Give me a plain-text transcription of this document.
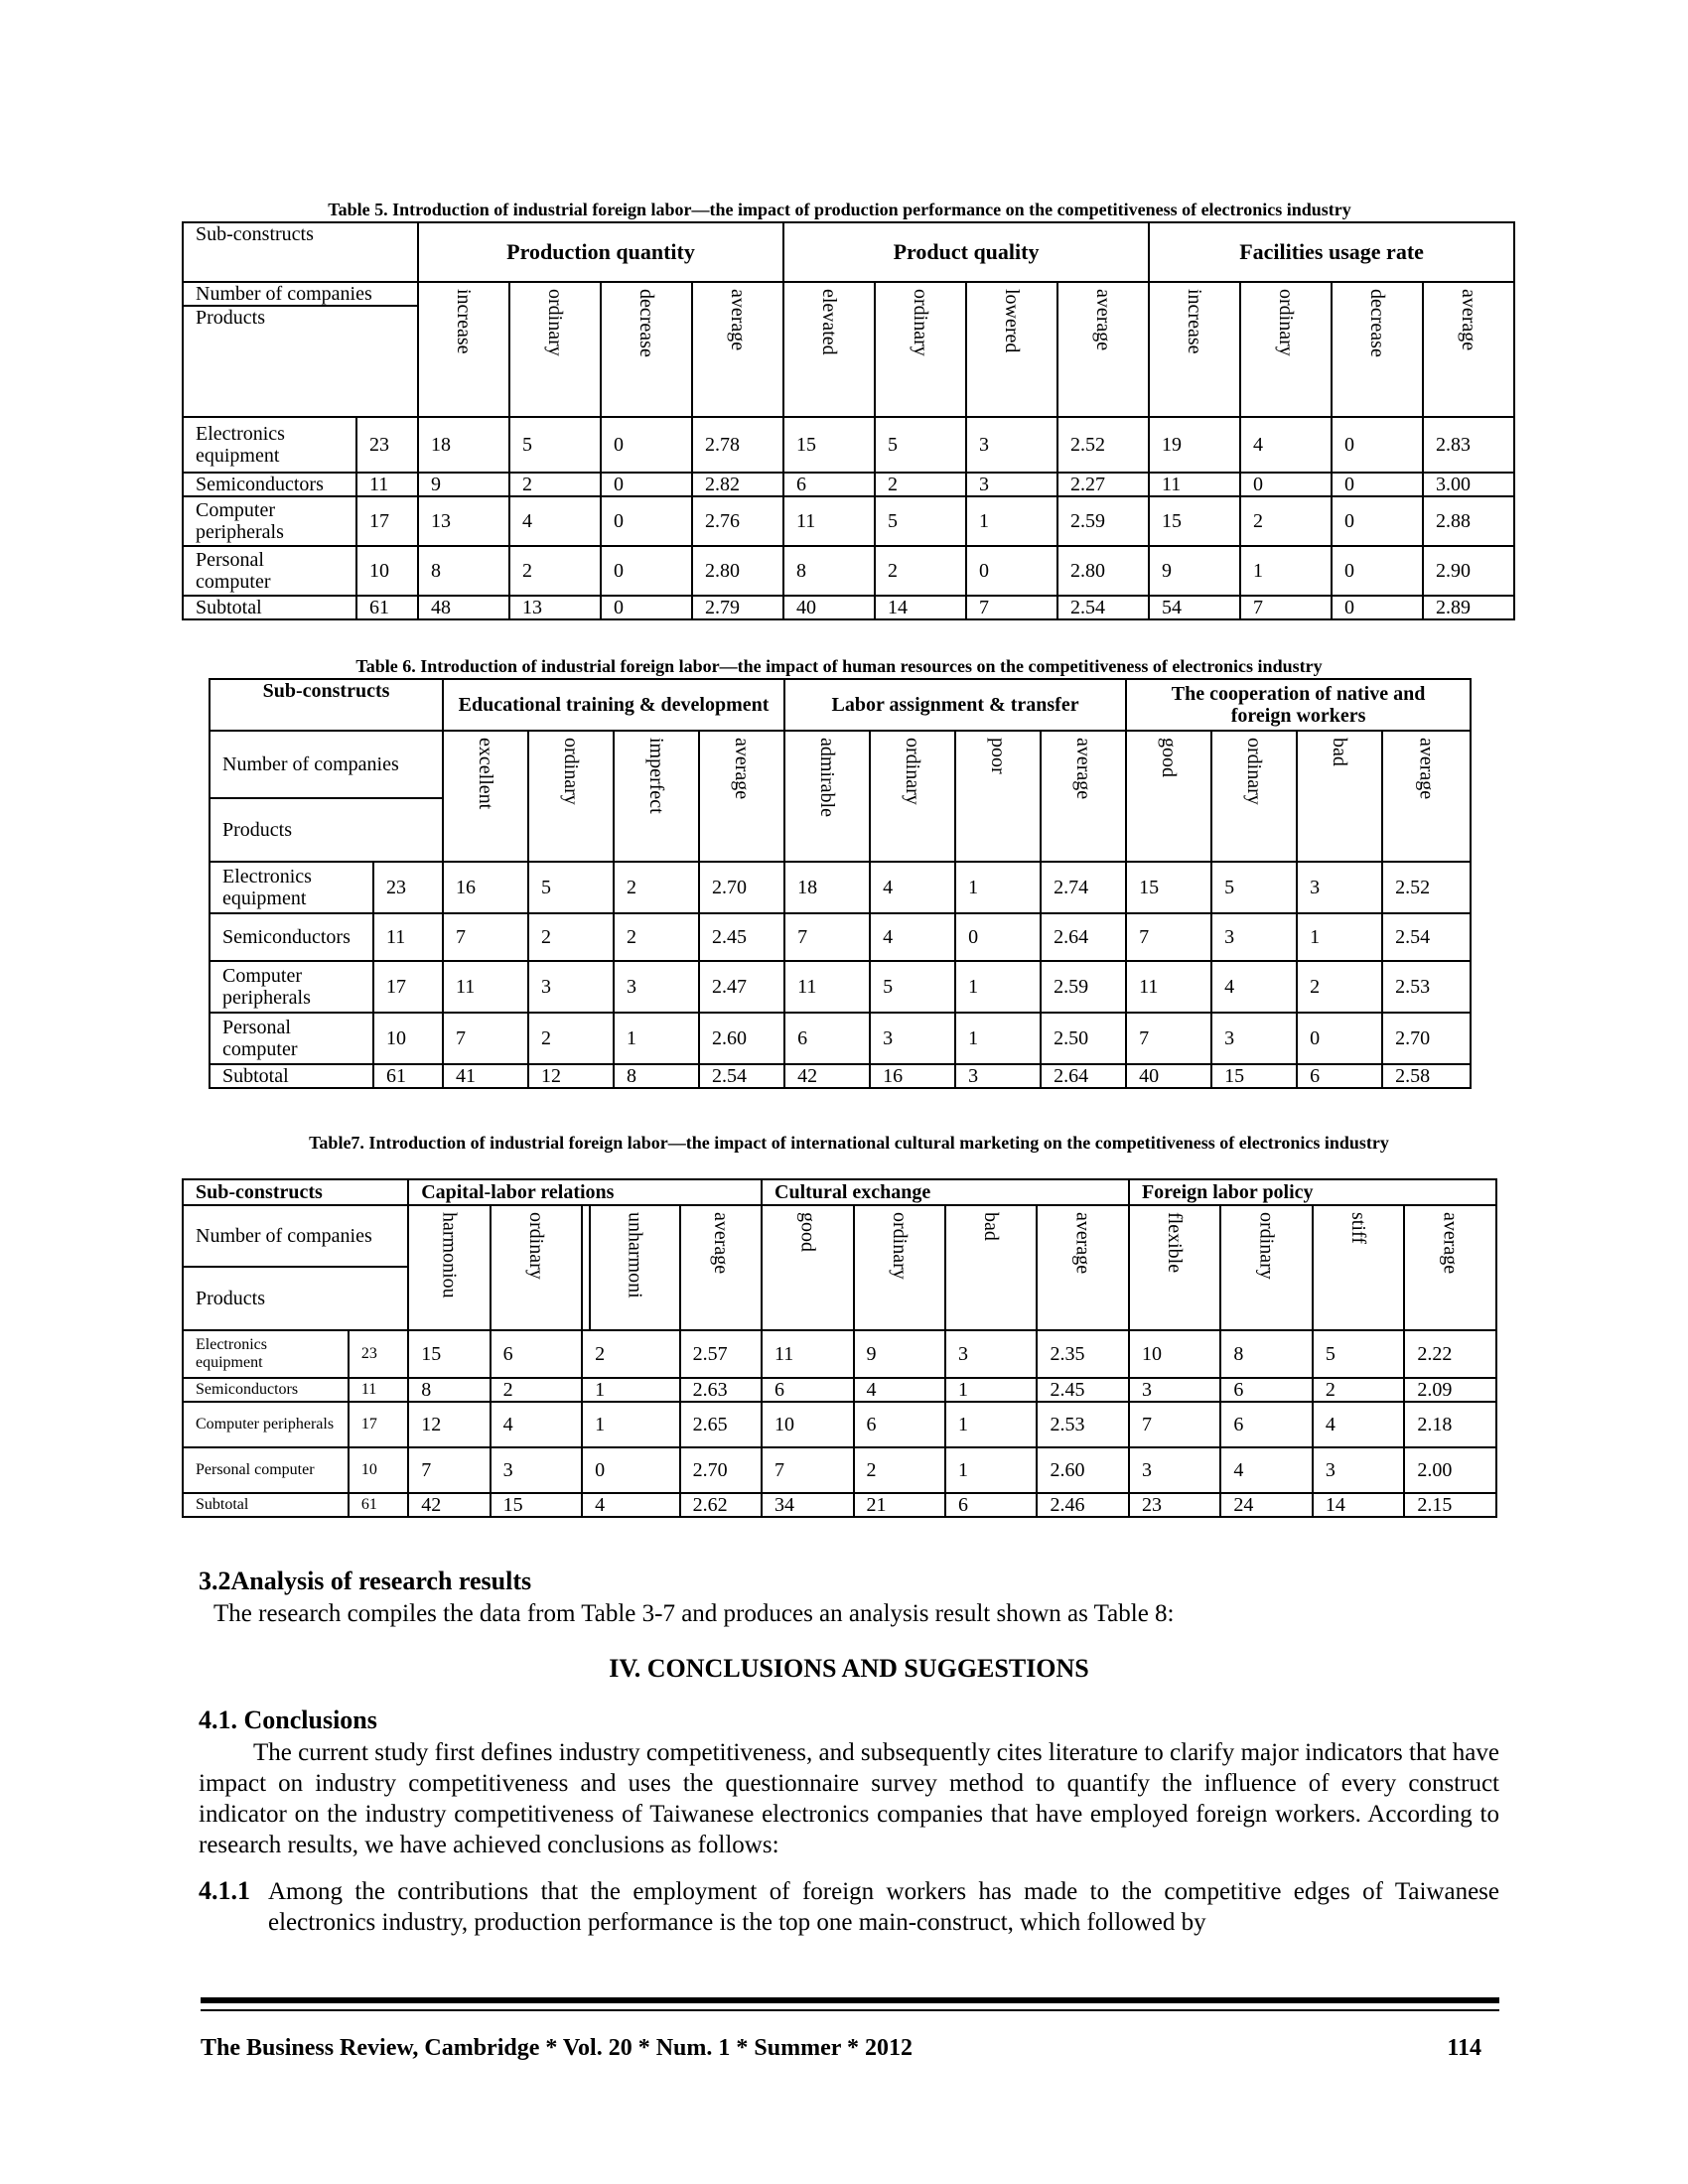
Table 5. Introduction of industrial foreign labor—the impact of production performance on the competitiveness of electronics industry
Sub-constructs		Production quantity				Product quality				Facilities usage rate			
Number of companies		increase	ordinary	decrease	average	elevated	ordinary	lowered	average	increase	ordinary	decrease	average

Products													
Electronics equipment	23	18	5	0	2.78	15	5	3	2.52	19	4	0	2.83
Semiconductors	11	9	2	0	2.82	6	2	3	2.27	11	0	0	3.00
Computer peripherals	17	13	4	0	2.76	11	5	1	2.59	15	2	0	2.88
Personal computer	10	8	2	0	2.80	8	2	0	2.80	9	1	0	2.90
Subtotal	61	48	13	0	2.79	40	14	7	2.54	54	7	0	2.89
Table 6. Introduction of industrial foreign labor—the impact of human resources on the competitiveness of electronics industry
Sub-constructs		Educational training & development				Labor assignment & transfer				The cooperation of native and foreign workers			
Number of companies		excellent	ordinary	imperfect	average	admirable	ordinary	poor	average	good	ordinary	bad	average

Products													
Electronics equipment	23	16	5	2	2.70	18	4	1	2.74	15	5	3	2.52
Semiconductors	11	7	2	2	2.45	7	4	0	2.64	7	3	1	2.54
Computer peripherals	17	11	3	3	2.47	11	5	1	2.59	11	4	2	2.53
Personal computer	10	7	2	1	2.60	6	3	1	2.50	7	3	0	2.70
Subtotal	61	41	12	8	2.54	42	16	3	2.64	40	15	6	2.58
Table7. Introduction of industrial foreign labor—the impact of international cultural marketing on the competitiveness of electronics industry
Sub-constructs		Capital-labor relations					Cultural exchange				Foreign labor policy			
Number of companies		harmoniou	ordinary		unharmoni	average	good	ordinary	bad	average	flexible	ordinary	stiff	average

Products														
Electronics equipment	23	15	6	2		2.57	11	9	3	2.35	10	8	5	2.22
Semiconductors	11	8	2	1		2.63	6	4	1	2.45	3	6	2	2.09
Computer peripherals	17	12	4	1		2.65	10	6	1	2.53	7	6	4	2.18
Personal computer	10	7	3	0		2.70	7	2	1	2.60	3	4	3	2.00
Subtotal	61	42	15	4		2.62	34	21	6	2.46	23	24	14	2.15
3.2Analysis of research results
The research compiles the data from Table 3-7 and produces an analysis result shown as Table 8:
IV. CONCLUSIONS AND SUGGESTIONS
4.1. Conclusions
The current study first defines industry competitiveness, and subsequently cites literature to clarify major indicators that have impact on industry competitiveness and uses the questionnaire survey method to quantify the influence of every construct indicator on the industry competitiveness of Taiwanese electronics companies that have employed foreign workers. According to research results, we have achieved conclusions as follows:
4.1.1 Among the contributions that the employment of foreign workers has made to the competitive edges of Taiwanese electronics industry, production performance is the top one main-construct, which followed by
The Business Review, Cambridge * Vol. 20 * Num. 1 * Summer * 2012	114
